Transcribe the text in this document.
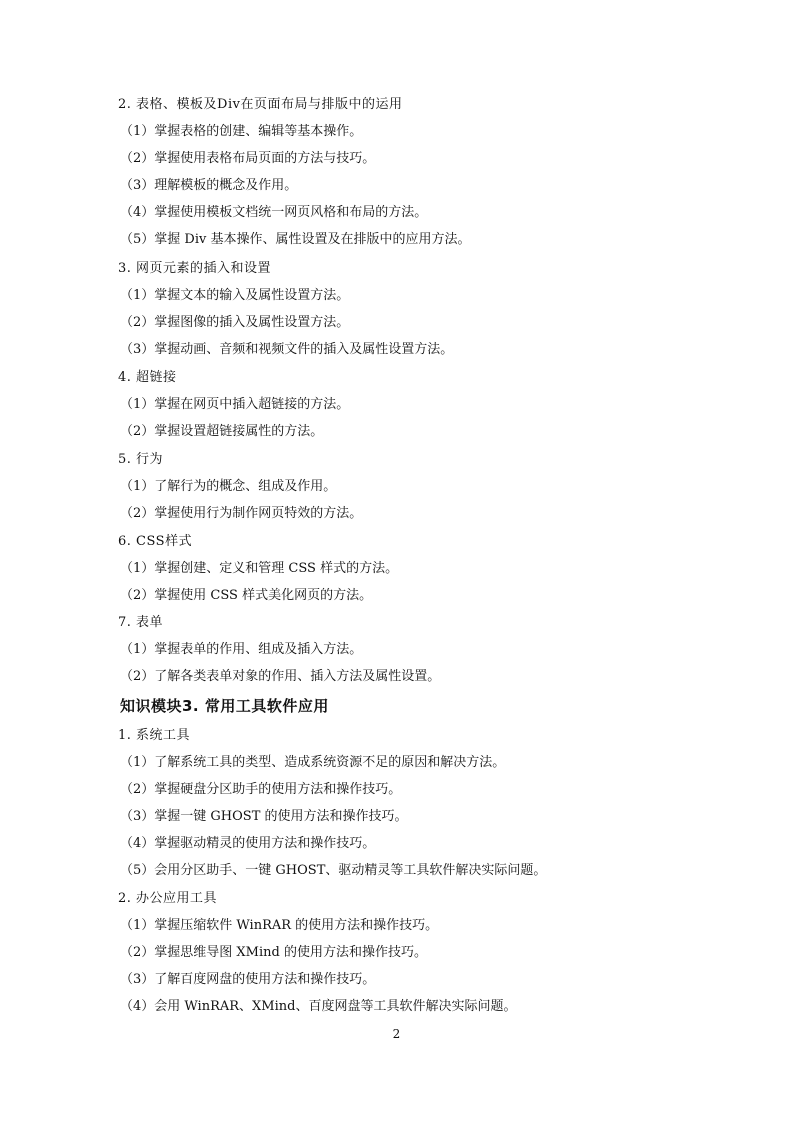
2. 表格、模板及Div在页面布局与排版中的运用
（1）掌握表格的创建、编辑等基本操作。
（2）掌握使用表格布局页面的方法与技巧。
（3）理解模板的概念及作用。
（4）掌握使用模板文档统一网页风格和布局的方法。
（5）掌握 Div 基本操作、属性设置及在排版中的应用方法。
3. 网页元素的插入和设置
（1）掌握文本的输入及属性设置方法。
（2）掌握图像的插入及属性设置方法。
（3）掌握动画、音频和视频文件的插入及属性设置方法。
4. 超链接
（1）掌握在网页中插入超链接的方法。
（2）掌握设置超链接属性的方法。
5. 行为
（1）了解行为的概念、组成及作用。
（2）掌握使用行为制作网页特效的方法。
6. CSS样式
（1）掌握创建、定义和管理 CSS 样式的方法。
（2）掌握使用 CSS 样式美化网页的方法。
7. 表单
（1）掌握表单的作用、组成及插入方法。
（2）了解各类表单对象的作用、插入方法及属性设置。
知识模块3. 常用工具软件应用
1. 系统工具
（1）了解系统工具的类型、造成系统资源不足的原因和解决方法。
（2）掌握硬盘分区助手的使用方法和操作技巧。
（3）掌握一键 GHOST 的使用方法和操作技巧。
（4）掌握驱动精灵的使用方法和操作技巧。
（5）会用分区助手、一键 GHOST、驱动精灵等工具软件解决实际问题。
2. 办公应用工具
（1）掌握压缩软件 WinRAR 的使用方法和操作技巧。
（2）掌握思维导图 XMind 的使用方法和操作技巧。
（3）了解百度网盘的使用方法和操作技巧。
（4）会用 WinRAR、XMind、百度网盘等工具软件解决实际问题。
2
